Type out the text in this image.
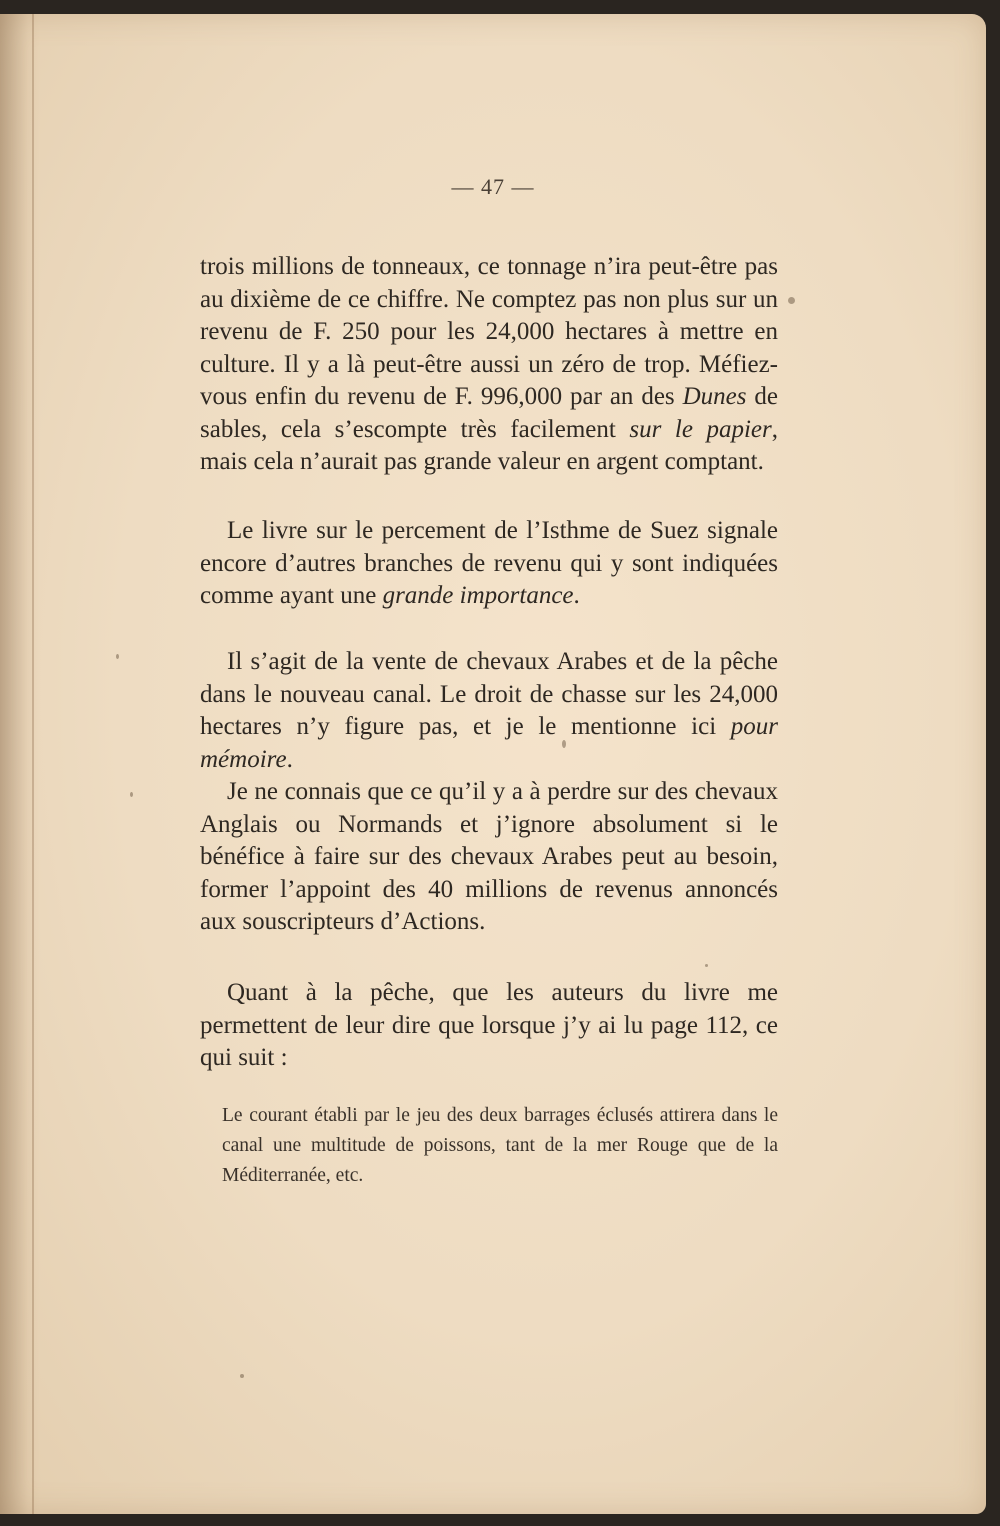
— 47 —

trois millions de tonneaux, ce tonnage n’ira peut-être pas au dixième de ce chiffre. Ne comptez pas non plus sur un revenu de F. 250 pour les 24,000 hectares à mettre en culture. Il y a là peut-être aussi un zéro de trop. Méfiez-vous enfin du revenu de F. 996,000 par an des Dunes de sables, cela s’escompte très facilement sur le papier, mais cela n’aurait pas grande valeur en argent comptant.

Le livre sur le percement de l’Isthme de Suez signale encore d’autres branches de revenu qui y sont indiquées comme ayant une grande importance.

Il s’agit de la vente de chevaux Arabes et de la pêche dans le nouveau canal. Le droit de chasse sur les 24,000 hectares n’y figure pas, et je le mentionne ici pour mémoire.

Je ne connais que ce qu’il y a à perdre sur des chevaux Anglais ou Normands et j’ignore absolument si le bénéfice à faire sur des chevaux Arabes peut au besoin, former l’appoint des 40 millions de revenus annoncés aux souscripteurs d’Actions.

Quant à la pêche, que les auteurs du livre me permettent de leur dire que lorsque j’y ai lu page 112, ce qui suit :

Le courant établi par le jeu des deux barrages éclusés attirera dans le canal une multitude de poissons, tant de la mer Rouge que de la Méditerranée, etc.
